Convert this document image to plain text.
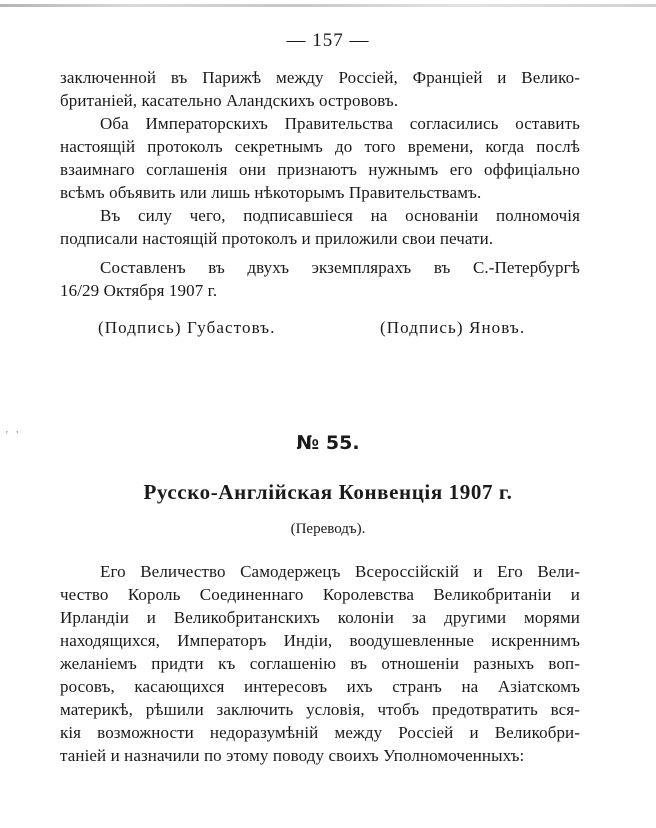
— 157 —
заключенной въ Парижѣ между Россіей, Франціей и Велико-
британіей, касательно Аландскихъ острововъ.
Оба Императорскихъ Правительства согласились оставить
настоящій протоколъ секретнымъ до того времени, когда послѣ
взаимнаго соглашенія они признаютъ нужнымъ его оффиціально
всѣмъ объявить или лишь нѣкоторымъ Правительствамъ.
Въ силу чего, подписавшіеся на основаніи полномочія
подписали настоящій протоколъ и приложили свои печати.
Составленъ въ двухъ экземплярахъ въ С.-Петербургѣ
16/29 Октября 1907 г.
(Подпись) Губастовъ.	(Подпись) Яновъ.
' '	№ 55.
Русско-Англійская Конвенція 1907 г.
(Переводъ).
Его Величество Самодержецъ Всероссійскій и Его Вели-
чество Король Соединеннаго Королевства Великобританіи и
Ирландіи и Великобританскихъ колоніи за другими морями
находящихся, Императоръ Индіи, воодушевленные искреннимъ
желаніемъ придти къ соглашенію въ отношеніи разныхъ воп-
росовъ, касающихся интересовъ ихъ странъ на Азіатскомъ
материкѣ, рѣшили заключить условія, чтобъ предотвратить вся-
кія возможности недоразумѣній между Россіей и Великобри-
таніей и назначили по этому поводу своихъ Уполномоченныхъ:
